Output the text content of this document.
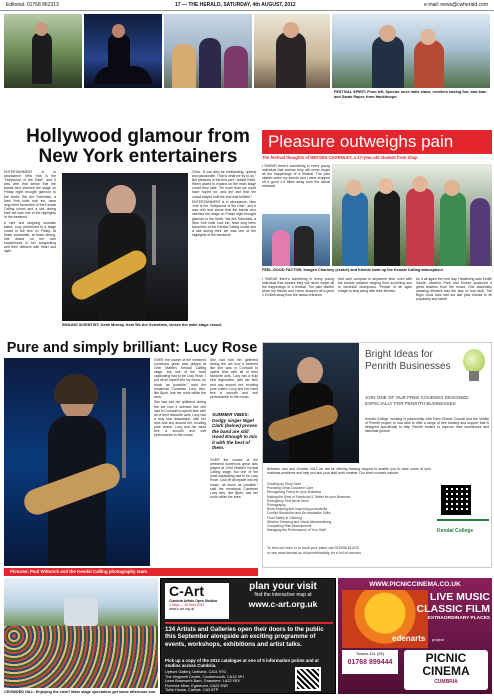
Editorial: 01768 862313	17 — THE HERALD, SATURDAY, 4th AUGUST, 2012	e-mail: news@cwherald.com
FESTIVAL SPIRIT: From left, Spector once indie class; revellers having fun; and Alan and Sarah Raper, from Hackthorpe.
Hollywood glamour from New York entertainers

ENTERTAINMENT is in abundance; New York is the “Hollywood of the East”, and it was with that sense that the bands who stormed the stage on Friday night brought glamour to the North. We Are Scientists, a New York indie rock trio, have long been favourites of the Kendal Calling crowd and a slot during their set was one of the highlights of the weekend.

A rare and laughing acoustic talent, Lucy performed to a stage crowd in the tent on Friday. At times vulnerable, at times strong, she draws on her own experiences in her songwriting and then delivers with heart and style.

SMILING SCIENTIST: Keith Murray, from We Are Scientists, closes the main stage crowd.

Chris: “It can also be exhilarating, upbeat and passionate. That is what we try to do.” But pleasure is the first part,” added Keith. When asked to expand on the main stage crowd they said: “It’s more than we could have hoped for, and the fact that the crowd stayed until the end was brilliant.”

ENTERTAINMENT is in abundance; New York is the “Hollywood of the East”, and it was with that sense that the bands who stormed the stage on Friday night brought glamour to the North. We Are Scientists, a New York indie rock trio, have long been favourites of the Kendal Calling crowd and a slot during their set was one of the highlights of the weekend.

Pleasure outweighs pain
The festival thoughts of IMOGEN CHARNLEY, a 17-year-old student from Shap

I SWEAR there’s something in every young individual that swears they will never forget all the happenings of a festival. The pain started when my friends and I were dropped off a good 1.5 miles away from the actual entrance.

FEEL-GOOD FACTOR: Imogen Charnley (centre) and friends soak up the Kendal Calling atmosphere.

I SWEAR there’s something in every young individual that swears they will never forget all the happenings of a festival. The pain started when my friends and I were dropped off a good 1.5 miles away from the actual entrance.

that can’t compare to anywhere else, even with the trouble weather ranging from scorching sun to torrential downpours. People of all ages mingle to sing along with their families.

As it all again the next day, Headlining acts Emilie Sandé, Maxïmo Park and Dizzee produced a great reaction from the crowd. One absolutely amazing element was the lack of how fault. The Bigrs Sous bars laid out last year thanks to its popularity and talent.

Pure and simply brilliant: Lucy Rose

OVER the course of the weekend numerous great acts played at Cher Mattle’s Kendal Calling stage, but one of the most captivating had to be Lucy Rose. I put off all myself into my music, as much as possible,” said the emotional Cumbrian Lucy who, like Bjork, has her roots within the area.

She had told her girlfriend during the set how it seemed like she was in Cornwall to spend time with all of their favourite acts. Lucy has a truly kind disposition, with her fans and any around her, exuding pure charm. Lucy and her band lent a smooth and soft performance to the crowd.

She had told her girlfriend during the set how it seemed like she was in Cornwall to spend time with all of their favourite acts. Lucy has a truly kind disposition, with her fans and any around her, exuding pure charm. Lucy and her band lent a smooth and soft performance to the crowd.

SUMMER VIBES: Dodgy singer Nigel Clark (below) proves the band are still Good Enough to mix it with the best of them.

OVER the course of the weekend numerous great acts played at Cher Mattle’s Kendal Calling stage, but one of the most captivating had to be Lucy Rose. I put off all myself into my music, as much as possible,” said the emotional Cumbrian Lucy who, like Bjork, has her roots within the area.

Bright Ideas for Penrith Businesses
JOIN ONE OF OUR FREE COURSES DESIGNED ESPECIALLY FOR PENRITH BUSINESSES
Kendal College, working in partnership with Eden District Council and the Vitality of Penrith project, is now able to offer a range of free training and support that is designed specifically to help Penrith traders to improve their businesses and stimulate growth.
Between now and October 2012 we will be offering training support to enable you to raise some of your business problems and help you and your staff work smarter. Our short courses include:
Creating an Ebay Store
Providing Great Customer Care
Recognising Fraud for your Business
Making the Most of Facebook & Twitter for your Business
Emergency First Aid at Work
Photography
Book-Keeping and Improving productivity
Conflict Resolution and De-escalation Skills
Food Safety in Catering
Window Dressing and Visual Merchandising
Completing Risk Assessments
Managing the Performance of Your Staff	Kendal College
To find out more or to book your place call 015396 614/78
or see www.kendal.ac.uk/penrith/vitality for a full of courses
Pictures: Paul Witterick and the Kendal Calling photography team
CROWDED HILL: Enjoying the view? Main stage spectators get some afternoon sun.
C-Art
Cumbria Artists Open Studios
1 Sept — 16 Sept 2012
www.c-art.org.uk
plan your visit
find the interactive map at
www.c-art.org.uk
134 Artists and Galleries open their doors to the public this September alongside an exciting programme of events, workshops, exhibitions and artist talks.
Pick up a copy of the 2012 catalogue at one of 5 information points and at studios across Cumbria.
Upfront Gallery, Unthank. CA11 9TG
The Kingsmill Centre, Cockermouth. CA13 9PJ
Lowe Bowman’s Barn, Grasmere. LA22 9SX
Florence Mine, Egremont. CA22 2NR
Tullie House, Carlisle. CA3 8TP
WWW.PICNICCINEMA.CO.UK
LIVE MUSIC
CLASSIC FILM
EXTRAORDINARY PLACES
edenarts project
Tickets £11 (£5)
01768 899444	PICNIC
CINEMA
CUMBRIA
